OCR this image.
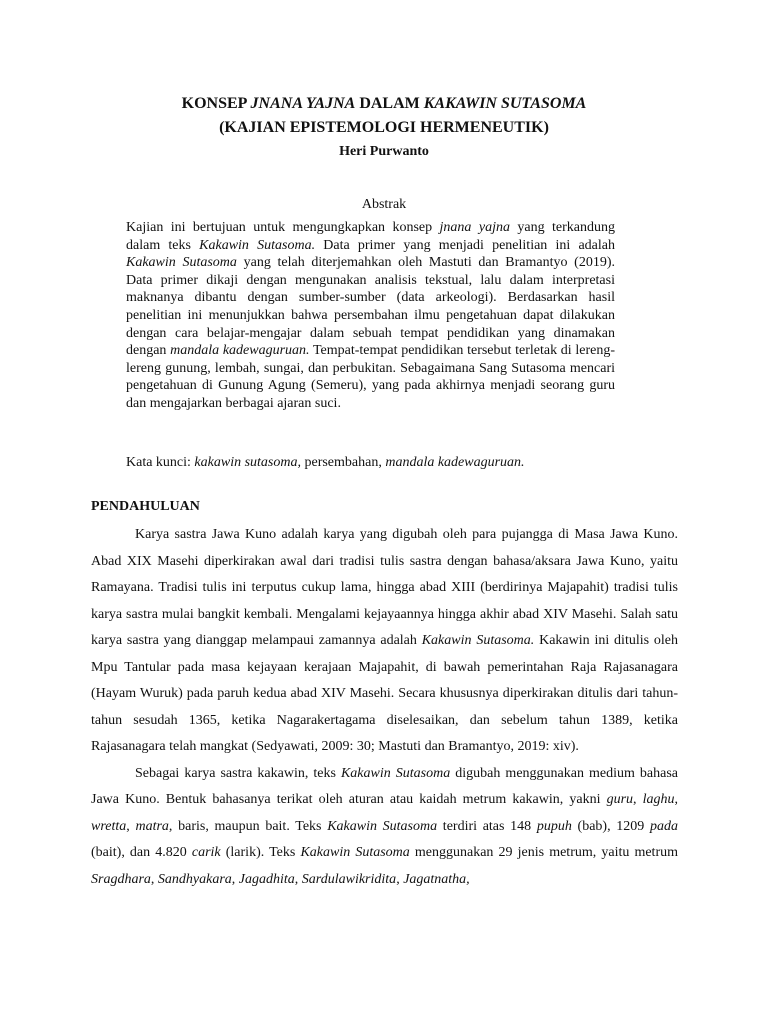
KONSEP JNANA YAJNA DALAM KAKAWIN SUTASOMA
(KAJIAN EPISTEMOLOGI HERMENEUTIK)
Heri Purwanto
Abstrak

Kajian ini bertujuan untuk mengungkapkan konsep jnana yajna yang terkandung dalam teks Kakawin Sutasoma. Data primer yang menjadi penelitian ini adalah Kakawin Sutasoma yang telah diterjemahkan oleh Mastuti dan Bramantyo (2019). Data primer dikaji dengan mengunakan analisis tekstual, lalu dalam interpretasi maknanya dibantu dengan sumber-sumber (data arkeologi). Berdasarkan hasil penelitian ini menunjukkan bahwa persembahan ilmu pengetahuan dapat dilakukan dengan cara belajar-mengajar dalam sebuah tempat pendidikan yang dinamakan dengan mandala kadewaguruan. Tempat-tempat pendidikan tersebut terletak di lereng-lereng gunung, lembah, sungai, dan perbukitan. Sebagaimana Sang Sutasoma mencari pengetahuan di Gunung Agung (Semeru), yang pada akhirnya menjadi seorang guru dan mengajarkan berbagai ajaran suci.

Kata kunci: kakawin sutasoma, persembahan, mandala kadewaguruan.

PENDAHULUAN

Karya sastra Jawa Kuno adalah karya yang digubah oleh para pujangga di Masa Jawa Kuno. Abad XIX Masehi diperkirakan awal dari tradisi tulis sastra dengan bahasa/aksara Jawa Kuno, yaitu Ramayana. Tradisi tulis ini terputus cukup lama, hingga abad XIII (berdirinya Majapahit) tradisi tulis karya sastra mulai bangkit kembali. Mengalami kejayaannya hingga akhir abad XIV Masehi. Salah satu karya sastra yang dianggap melampaui zamannya adalah Kakawin Sutasoma. Kakawin ini ditulis oleh Mpu Tantular pada masa kejayaan kerajaan Majapahit, di bawah pemerintahan Raja Rajasanagara (Hayam Wuruk) pada paruh kedua abad XIV Masehi. Secara khususnya diperkirakan ditulis dari tahun-tahun sesudah 1365, ketika Nagarakertagama diselesaikan, dan sebelum tahun 1389, ketika Rajasanagara telah mangkat (Sedyawati, 2009: 30; Mastuti dan Bramantyo, 2019: xiv).

Sebagai karya sastra kakawin, teks Kakawin Sutasoma digubah menggunakan medium bahasa Jawa Kuno. Bentuk bahasanya terikat oleh aturan atau kaidah metrum kakawin, yakni guru, laghu, wretta, matra, baris, maupun bait. Teks Kakawin Sutasoma terdiri atas 148 pupuh (bab), 1209 pada (bait), dan 4.820 carik (larik). Teks Kakawin Sutasoma menggunakan 29 jenis metrum, yaitu metrum Sragdhara, Sandhyakara, Jagadhita, Sardulawikridita, Jagatnatha,
